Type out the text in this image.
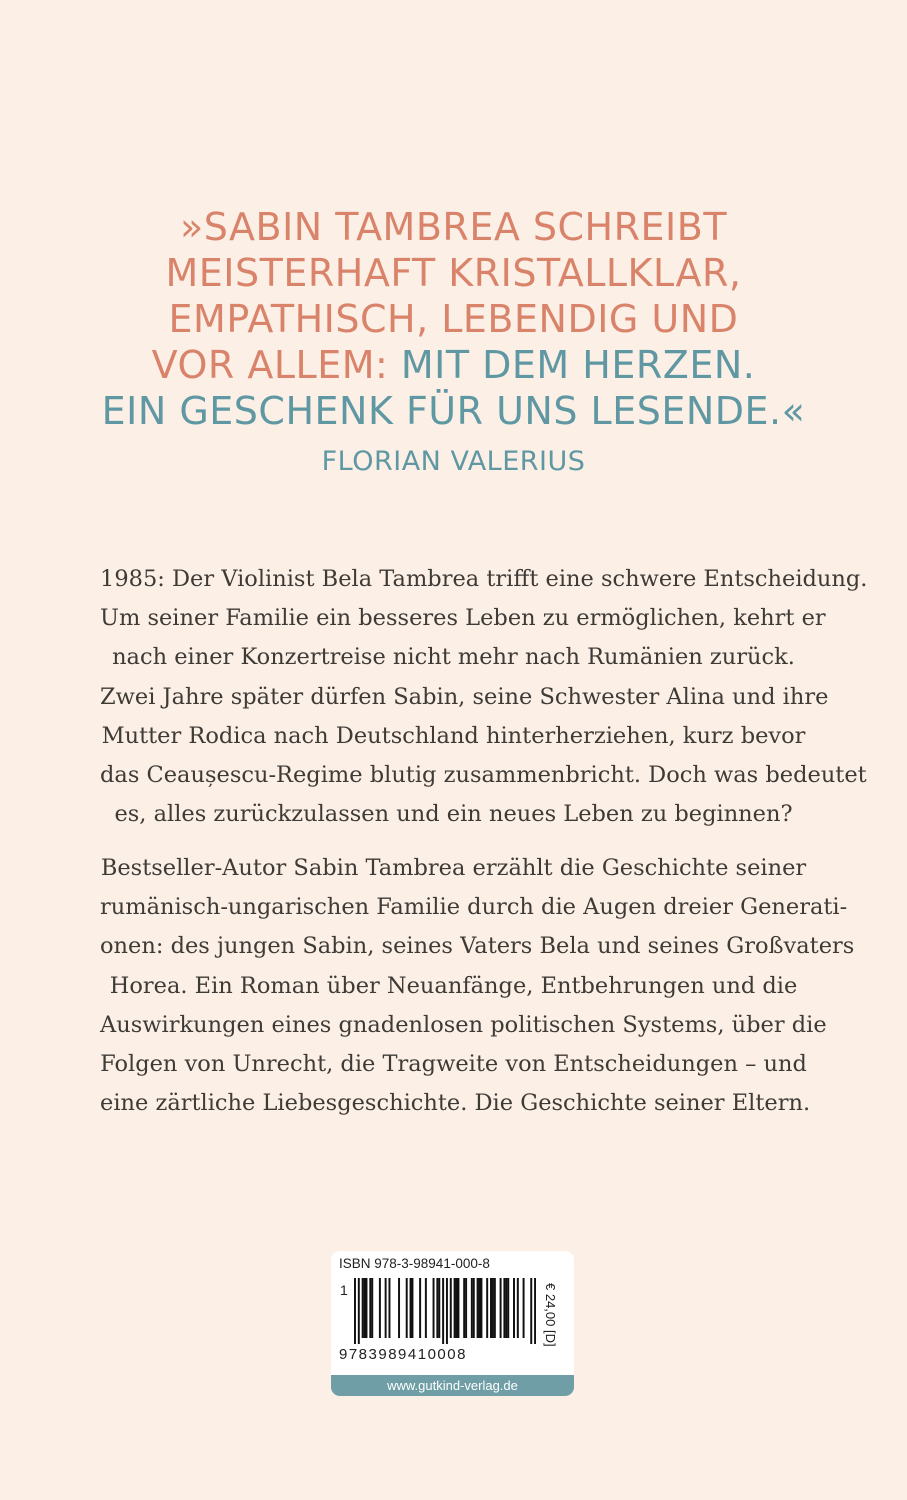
»SABIN TAMBREA SCHREIBT
MEISTERHAFT KRISTALLKLAR,
EMPATHISCH, LEBENDIG UND
VOR ALLEM: MIT DEM HERZEN.
EIN GESCHENK FÜR UNS LESENDE.«
FLORIAN VALERIUS
1985: Der Violinist Bela Tambrea trifft eine schwere Entscheidung.
Um seiner Familie ein besseres Leben zu ermöglichen, kehrt er
nach einer Konzertreise nicht mehr nach Rumänien zurück.
Zwei Jahre später dürfen Sabin, seine Schwester Alina und ihre
Mutter Rodica nach Deutschland hinterherziehen, kurz bevor
das Ceaușescu-Regime blutig zusammenbricht. Doch was bedeutet
es, alles zurückzulassen und ein neues Leben zu beginnen?
Bestseller-Autor Sabin Tambrea erzählt die Geschichte seiner
rumänisch-ungarischen Familie durch die Augen dreier Generati-
onen: des jungen Sabin, seines Vaters Bela und seines Großvaters
Horea. Ein Roman über Neuanfänge, Entbehrungen und die
Auswirkungen eines gnadenlosen politischen Systems, über die
Folgen von Unrecht, die Tragweite von Entscheidungen – und
eine zärtliche Liebesgeschichte. Die Geschichte seiner Eltern.
ISBN 978-3-98941-000-8
1
9783989410008
€ 24,00 [D]
www.gutkind-verlag.de
